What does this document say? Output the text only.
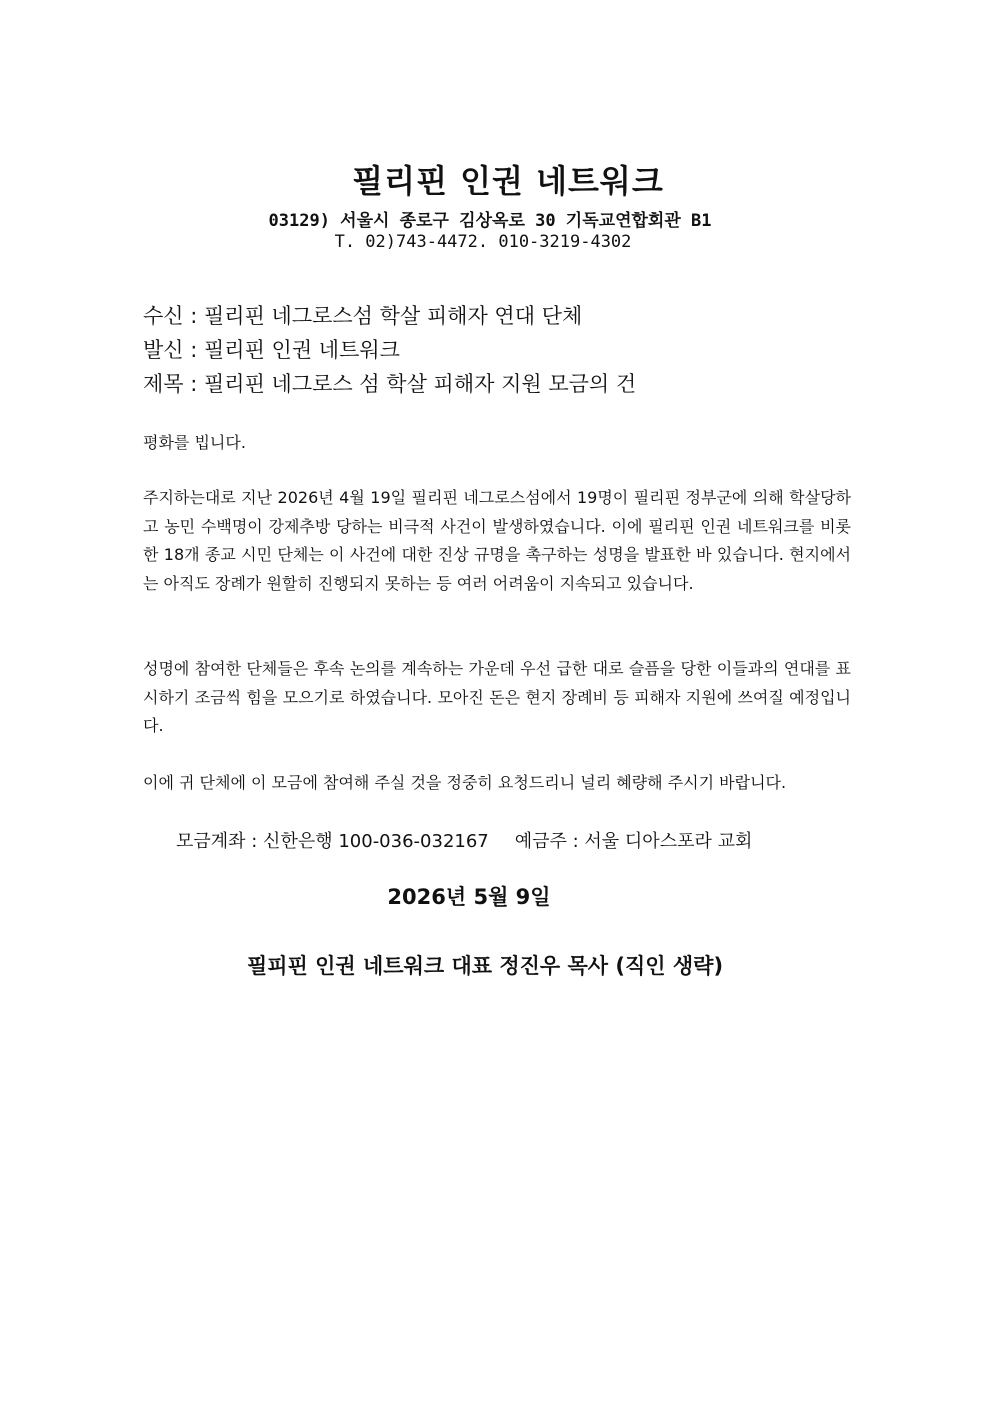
필리핀 인권 네트워크
03129) 서울시 종로구 김상옥로 30 기독교연합회관 B1
T. 02)743-4472. 010-3219-4302
수신 : 필리핀 네그로스섬 학살 피해자 연대 단체
발신 : 필리핀 인권 네트워크
제목 : 필리핀 네그로스 섬 학살 피해자 지원 모금의 건
평화를 빕니다.
주지하는대로 지난 2026년 4월 19일 필리핀 네그로스섬에서 19명이 필리핀 정부군에 의해 학살당하고 농민 수백명이 강제추방 당하는 비극적 사건이 발생하였습니다. 이에 필리핀 인권 네트워크를 비롯한 18개 종교 시민 단체는 이 사건에 대한 진상 규명을 촉구하는 성명을 발표한 바 있습니다. 현지에서는 아직도 장례가 원할히 진행되지 못하는 등 여러 어려움이 지속되고 있습니다.
성명에 참여한 단체들은 후속 논의를 계속하는 가운데 우선 급한 대로 슬픔을 당한 이들과의 연대를 표시하기 조금씩 힘을 모으기로 하였습니다. 모아진 돈은 현지 장례비 등 피해자 지원에 쓰여질 예정입니다.
이에 귀 단체에 이 모금에 참여해 주실 것을 정중히 요청드리니 널리 혜량해 주시기 바랍니다.
모금계좌 : 신한은행 100-036-032167 예금주 : 서울 디아스포라 교회
2026년 5월 9일
필피핀 인권 네트워크 대표 정진우 목사 (직인 생략)
